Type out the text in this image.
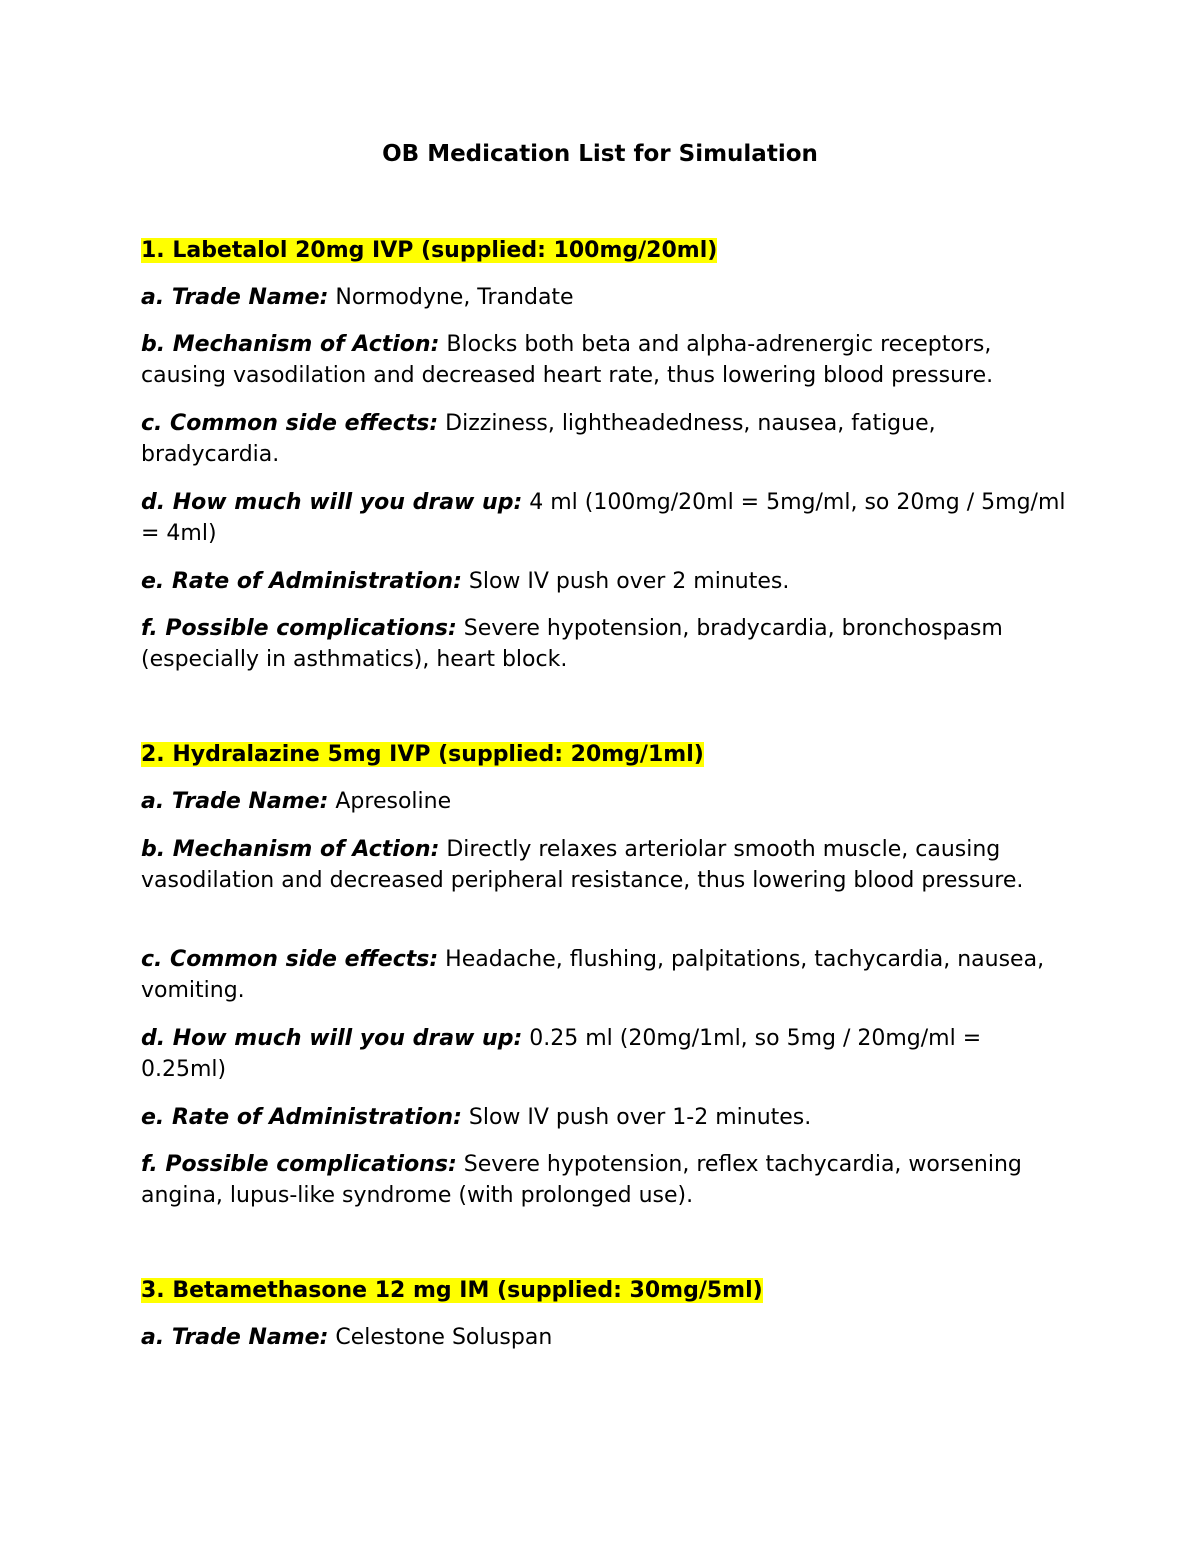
OB Medication List for Simulation
1. Labetalol 20mg IVP (supplied: 100mg/20ml)
a. Trade Name: Normodyne, Trandate
b. Mechanism of Action: Blocks both beta and alpha-adrenergic receptors, causing vasodilation and decreased heart rate, thus lowering blood pressure.
c. Common side effects: Dizziness, lightheadedness, nausea, fatigue, bradycardia.
d. How much will you draw up: 4 ml (100mg/20ml = 5mg/ml, so 20mg / 5mg/ml = 4ml)
e. Rate of Administration: Slow IV push over 2 minutes.
f. Possible complications: Severe hypotension, bradycardia, bronchospasm (especially in asthmatics), heart block.
2. Hydralazine 5mg IVP (supplied: 20mg/1ml)
a. Trade Name: Apresoline
b. Mechanism of Action: Directly relaxes arteriolar smooth muscle, causing vasodilation and decreased peripheral resistance, thus lowering blood pressure.
c. Common side effects: Headache, flushing, palpitations, tachycardia, nausea, vomiting.
d. How much will you draw up: 0.25 ml (20mg/1ml, so 5mg / 20mg/ml = 0.25ml)
e. Rate of Administration: Slow IV push over 1-2 minutes.
f. Possible complications: Severe hypotension, reflex tachycardia, worsening angina, lupus-like syndrome (with prolonged use).
3. Betamethasone 12 mg IM (supplied: 30mg/5ml)
a. Trade Name: Celestone Soluspan
